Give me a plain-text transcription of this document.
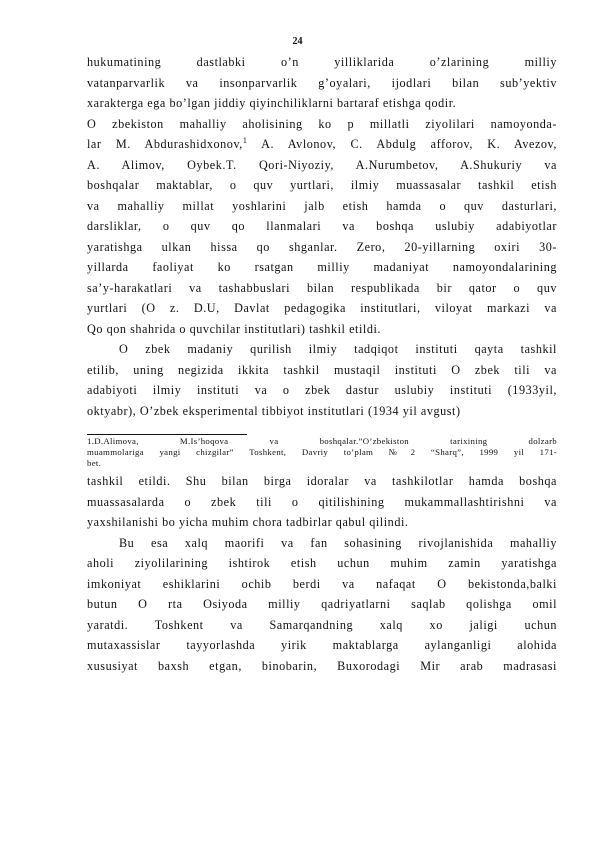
24
hukumatining dastlabki o’n yilliklarida o’zlarining milliy
vatanparvarlik va insonparvarlik g’oyalari, ijodlari bilan sub’yektiv
xarakterga ega bo’lgan jiddiy qiyinchiliklarni bartaraf etishga qodir.
O zbekiston mahalliy aholisining ko p millatli ziyolilari namoyonda-
lar M. Abdurashidxonov,$^1$ A. Avlonov, C. Abdulg afforov, K. Avezov,
A. Alimov, Oybek.T. Qori-Niyoziy, A.Nurumbetov, A.Shukuriy va
boshqalar maktablar, o quv yurtlari, ilmiy muassasalar tashkil etish
va mahalliy millat yoshlarini jalb etish hamda o quv dasturlari,
darsliklar, o quv qo llanmalari va boshqa uslubiy adabiyotlar
yaratishga ulkan hissa qo shganlar. Zero, 20-yillarning oxiri 30-
yillarda faoliyat ko rsatgan milliy madaniyat namoyondalarining
sa’y-harakatlari va tashabbuslari bilan respublikada bir qator o quv
yurtlari (O z. D.U, Davlat pedagogika institutlari, viloyat markazi va
Qo qon shahrida o quvchilar institutlari) tashkil etildi.
O zbek madaniy qurilish ilmiy tadqiqot instituti qayta tashkil
etilib, uning negizida ikkita tashkil mustaqil instituti O zbek tili va
adabiyoti ilmiy instituti va o zbek dastur uslubiy instituti (1933yil,
oktyabr), O’zbek eksperimental tibbiyot institutlari (1934 yil avgust)
1.D.Alimova, M.Is’hoqova va boshqalar.”O’zbekiston tarixining dolzarb
muammolariga yangi chizgilar” Toshkent, Davriy to’plam №2 “Sharq”, 1999 yil 171-
bet.
tashkil etildi. Shu bilan birga idoralar va tashkilotlar hamda boshqa
muassasalarda o zbek tili o qitilishining mukammallashtirishni va
yaxshilanishi bo yicha muhim chora tadbirlar qabul qilindi.
Bu esa xalq maorifi va fan sohasining rivojlanishida mahalliy
aholi ziyolilarining ishtirok etish uchun muhim zamin yaratishga
imkoniyat eshiklarini ochib berdi va nafaqat O bekistonda,balki
butun O rta Osiyoda milliy qadriyatlarni saqlab qolishga omil
yaratdi. Toshkent va Samarqandning xalq xo jaligi uchun
mutaxassislar tayyorlashda yirik maktablarga aylanganligi alohida
xususiyat baxsh etgan, binobarin, Buxorodagi Mir arab madrasasi
